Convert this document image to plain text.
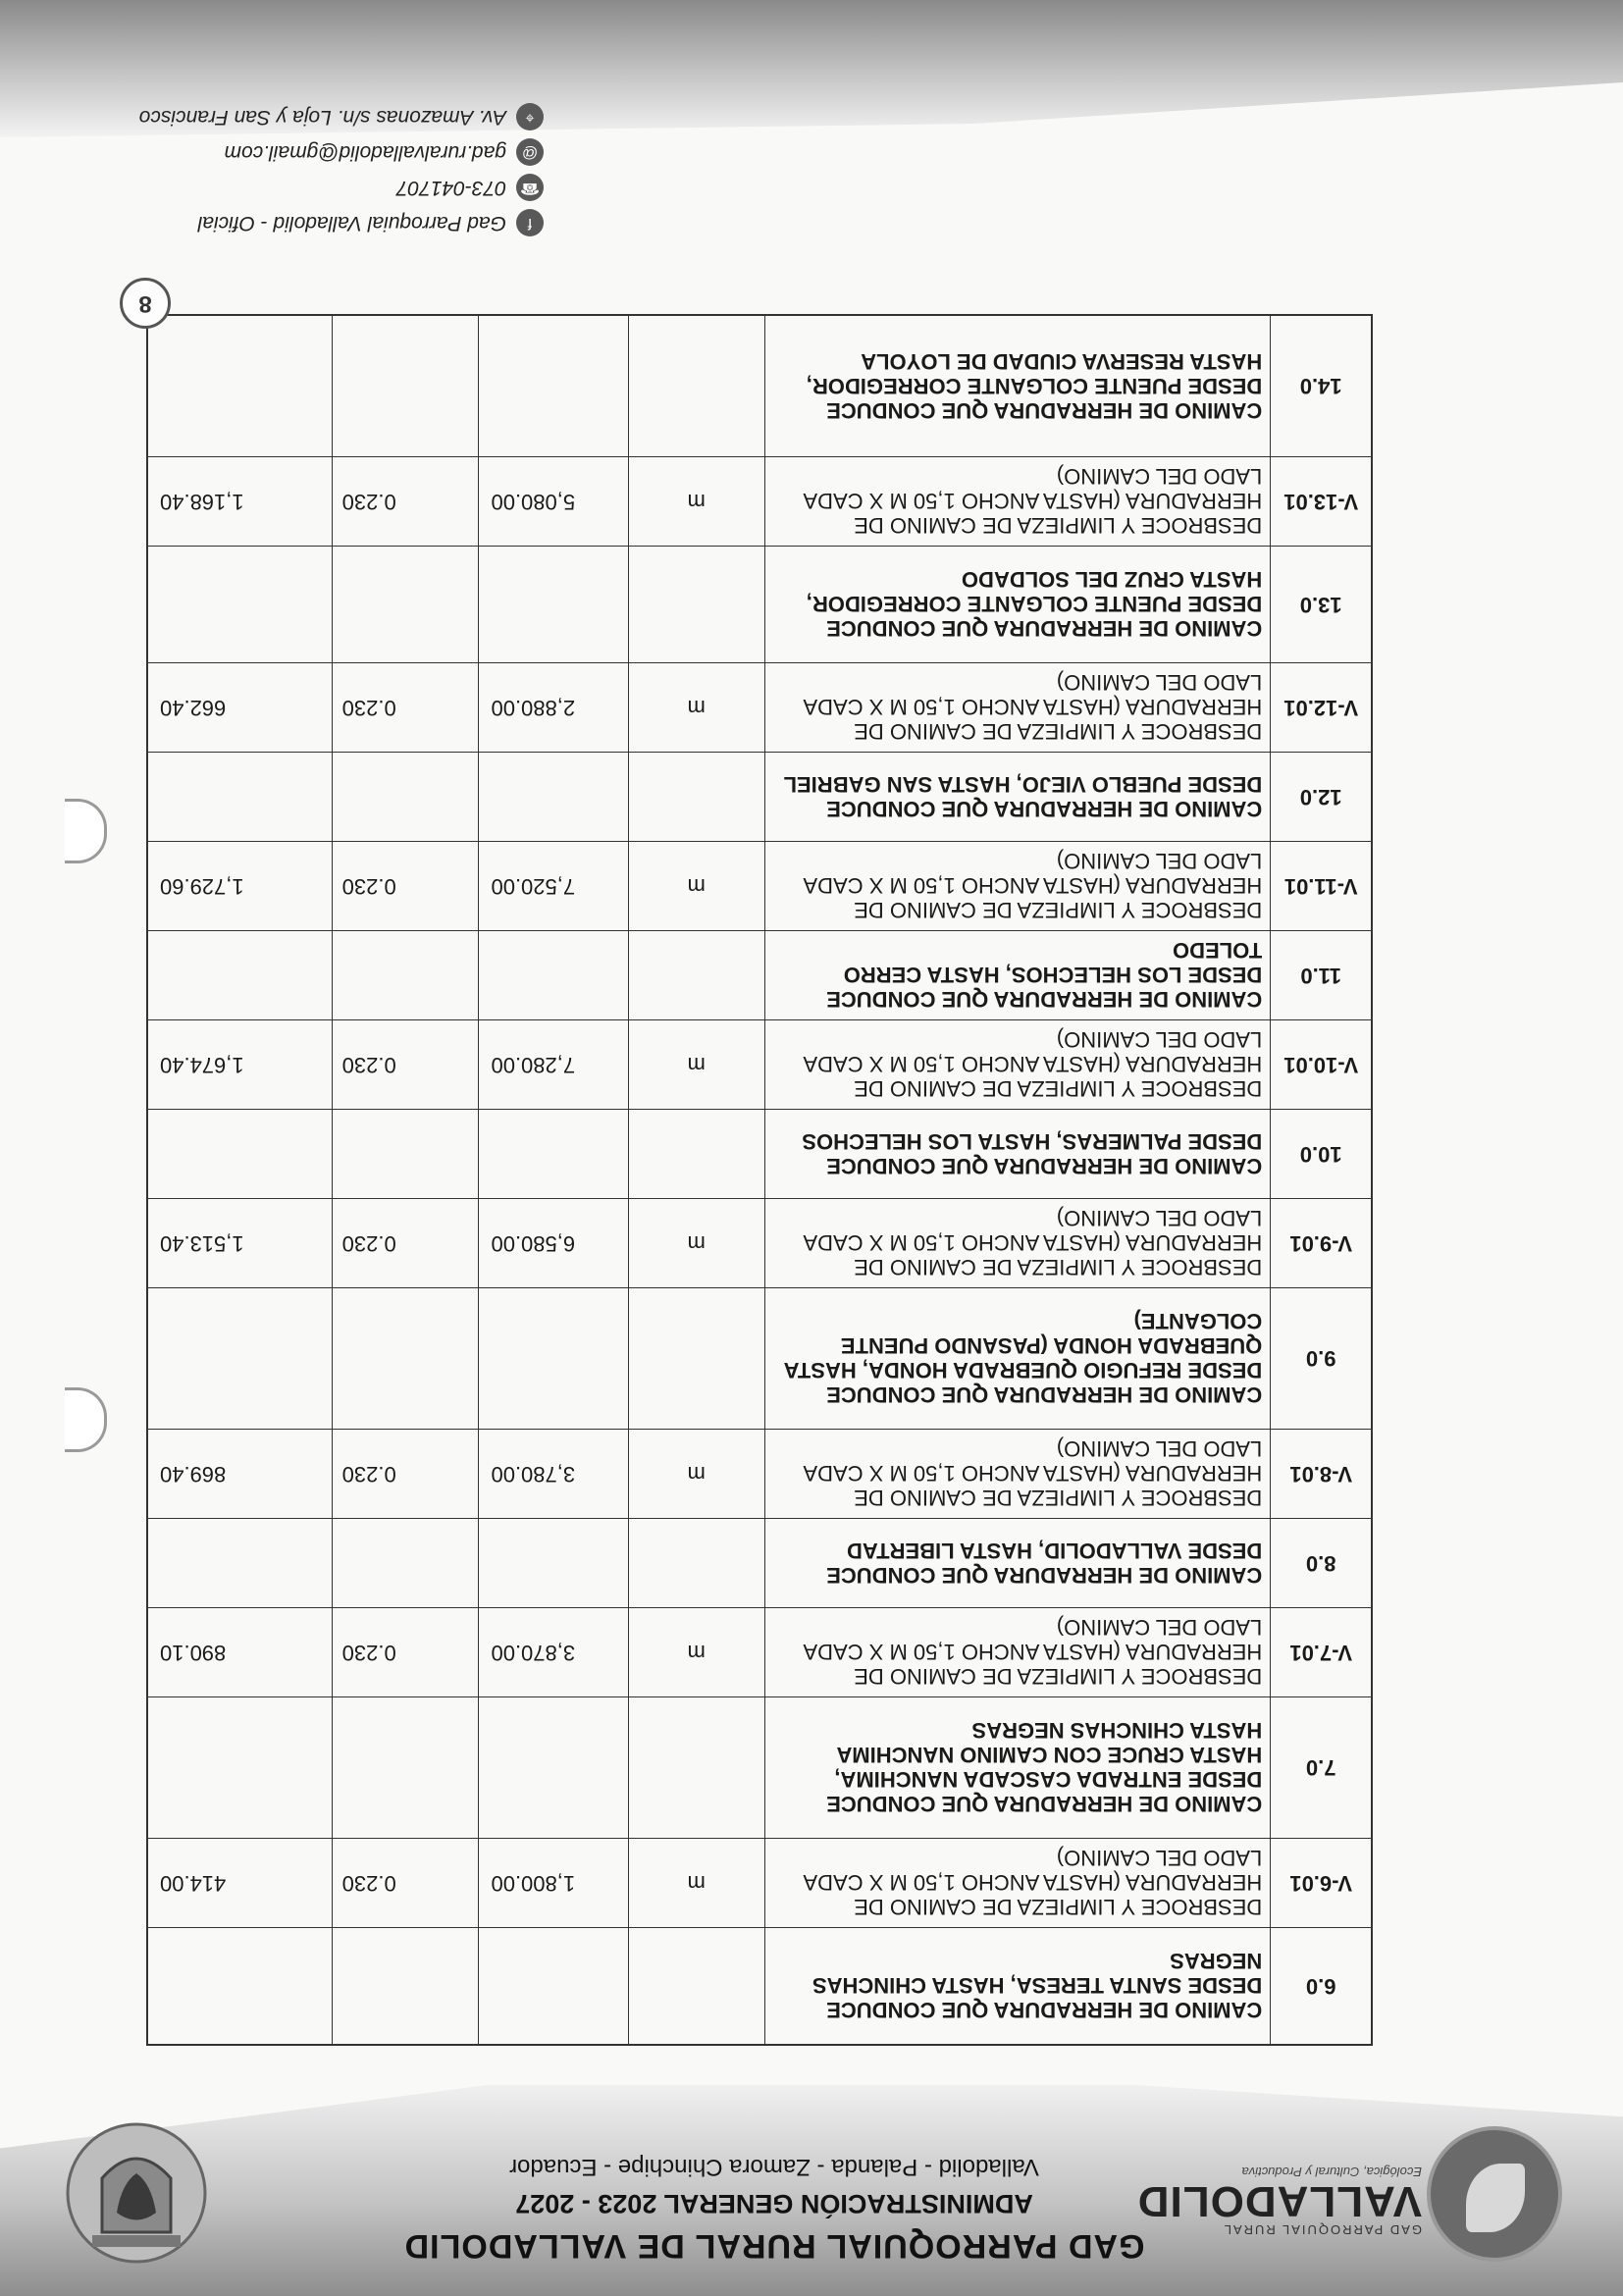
GAD PARROQUIAL RURAL
VALLADOLID
Ecológica, Cultural y Productiva
GAD PARROQUIAL RURAL DE VALLADOLID
ADMINISTRACIÓN GENERAL 2023 - 2027
Valladolid - Palanda - Zamora Chinchipe - Ecuador
6.0	CAMINO DE HERRADURA QUE CONDUCE DESDE SANTA TERESA, HASTA CHINCHAS NEGRAS				
V-6.01	DESBROCE Y LIMPIEZA DE CAMINO DE HERRADURA (HASTA ANCHO 1,50 M X CADA LADO DEL CAMINO)	m	1,800.00	0.230	414.00
7.0	CAMINO DE HERRADURA QUE CONDUCE DESDE ENTRADA CASCADA NANCHIMA, HASTA CRUCE CON CAMINO NANCHIMA HASTA CHINCHAS NEGRAS				
V-7.01	DESBROCE Y LIMPIEZA DE CAMINO DE HERRADURA (HASTA ANCHO 1,50 M X CADA LADO DEL CAMINO)	m	3,870.00	0.230	890.10
8.0	CAMINO DE HERRADURA QUE CONDUCE DESDE VALLADOLID, HASTA LIBERTAD				
V-8.01	DESBROCE Y LIMPIEZA DE CAMINO DE HERRADURA (HASTA ANCHO 1,50 M X CADA LADO DEL CAMINO)	m	3,780.00	0.230	869.40
9.0	CAMINO DE HERRADURA QUE CONDUCE DESDE REFUGIO QUEBRADA HONDA, HASTA QUEBRADA HONDA (PASANDO PUENTE COLGANTE)				
V-9.01	DESBROCE Y LIMPIEZA DE CAMINO DE HERRADURA (HASTA ANCHO 1,50 M X CADA LADO DEL CAMINO)	m	6,580.00	0.230	1,513.40
10.0	CAMINO DE HERRADURA QUE CONDUCE DESDE PALMERAS, HASTA LOS HELECHOS				
V-10.01	DESBROCE Y LIMPIEZA DE CAMINO DE HERRADURA (HASTA ANCHO 1,50 M X CADA LADO DEL CAMINO)	m	7,280.00	0.230	1,674.40
11.0	CAMINO DE HERRADURA QUE CONDUCE DESDE LOS HELECHOS, HASTA CERRO TOLEDO				
V-11.01	DESBROCE Y LIMPIEZA DE CAMINO DE HERRADURA (HASTA ANCHO 1,50 M X CADA LADO DEL CAMINO)	m	7,520.00	0.230	1,729.60
12.0	CAMINO DE HERRADURA QUE CONDUCE DESDE PUEBLO VIEJO, HASTA SAN GABRIEL				
V-12.01	DESBROCE Y LIMPIEZA DE CAMINO DE HERRADURA (HASTA ANCHO 1,50 M X CADA LADO DEL CAMINO)	m	2,880.00	0.230	662.40
13.0	CAMINO DE HERRADURA QUE CONDUCE DESDE PUENTE COLGANTE CORREGIDOR, HASTA CRUZ DEL SOLDADO				
V-13.01	DESBROCE Y LIMPIEZA DE CAMINO DE HERRADURA (HASTA ANCHO 1,50 M X CADA LADO DEL CAMINO)	m	5,080.00	0.230	1,168.40
14.0	CAMINO DE HERRADURA QUE CONDUCE DESDE PUENTE COLGANTE CORREGIDOR, HASTA RESERVA CIUDAD DE LOYOLA				
8
f
Gad Parroquial Valladolid - Oficial
☎
073-041707
@
gad.ruralvalladolid@gmail.com
⌖
Av. Amazonas s/n. Loja y San Francisco
